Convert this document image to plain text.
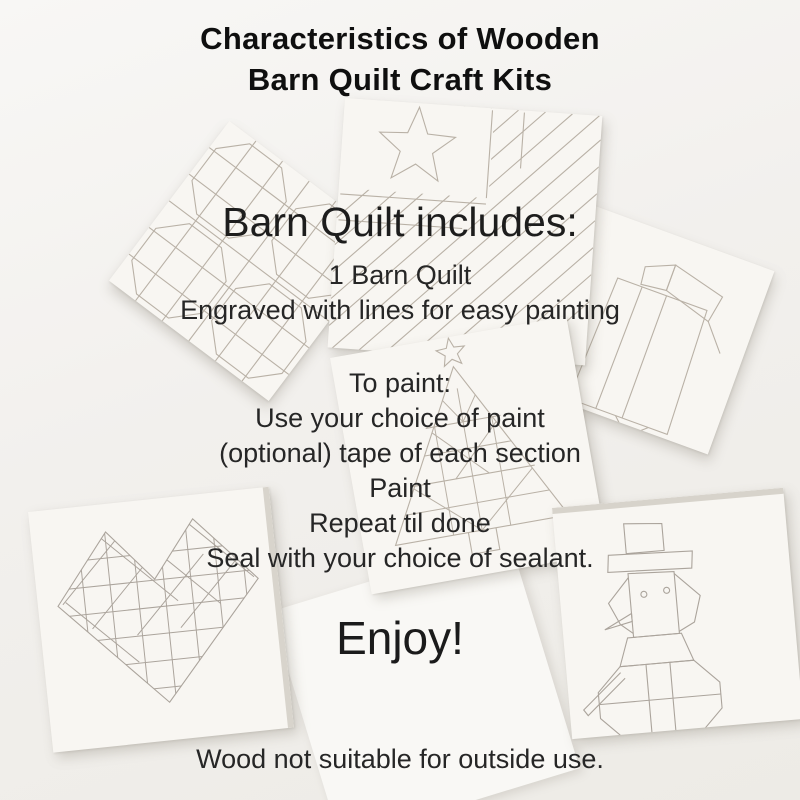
Characteristics of Wooden
Barn Quilt Craft Kits
Barn Quilt includes:
1 Barn Quilt
Engraved with lines for easy painting
To paint:
Use your choice of paint
(optional) tape of each section
Paint
Repeat til done
Seal with your choice of sealant.
Enjoy!
Wood not suitable for outside use.
